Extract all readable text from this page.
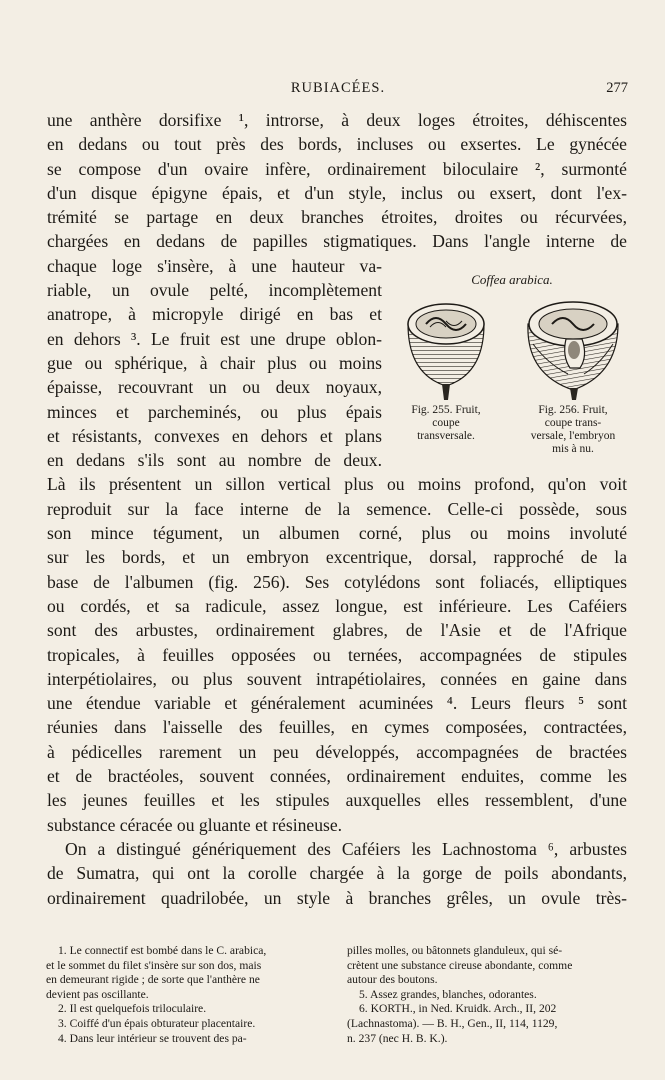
RUBIACÉES.	277
une anthère dorsifixe ¹, introrse, à deux loges étroites, déhiscentes
en dedans ou tout près des bords, incluses ou exsertes. Le gynécée
se compose d'un ovaire infère, ordinairement biloculaire ², surmonté
d'un disque épigyne épais, et d'un style, inclus ou exsert, dont l'ex-
trémité se partage en deux branches étroites, droites ou récurvées,
chargées en dedans de papilles stigmatiques. Dans l'angle interne de
chaque loge s'insère, à une hauteur va-
riable, un ovule pelté, incomplètement
anatrope, à micropyle dirigé en bas et
en dehors ³. Le fruit est une drupe oblon-
gue ou sphérique, à chair plus ou moins
épaisse, recouvrant un ou deux noyaux,
minces et parcheminés, ou plus épais
et résistants, convexes en dehors et plans
en dedans s'ils sont au nombre de deux.
Là ils présentent un sillon vertical plus ou moins profond, qu'on voit
reproduit sur la face interne de la semence. Celle-ci possède, sous
son mince tégument, un albumen corné, plus ou moins involuté
sur les bords, et un embryon excentrique, dorsal, rapproché de la
base de l'albumen (fig. 256). Ses cotylédons sont foliacés, elliptiques
ou cordés, et sa radicule, assez longue, est inférieure. Les Caféiers
sont des arbustes, ordinairement glabres, de l'Asie et de l'Afrique
tropicales, à feuilles opposées ou ternées, accompagnées de stipules
interpétiolaires, ou plus souvent intrapétiolaires, connées en gaine dans
une étendue variable et généralement acuminées ⁴. Leurs fleurs ⁵ sont
réunies dans l'aisselle des feuilles, en cymes composées, contractées,
à pédicelles rarement un peu développés, accompagnées de bractées
et de bractéoles, souvent connées, ordinairement enduites, comme les
les jeunes feuilles et les stipules auxquelles elles ressemblent, d'une
substance céracée ou gluante et résineuse.
On a distingué génériquement des Caféiers les Lachnostoma ⁶, arbustes
de Sumatra, qui ont la corolle chargée à la gorge de poils abondants,
ordinairement quadrilobée, un style à branches grêles, un ovule très-
Coffea arabica.
Fig. 255. Fruit,
coupe
transversale.
Fig. 256. Fruit,
coupe trans-
versale, l'embryon
mis à nu.
1. Le connectif est bombé dans le C. arabica,
et le sommet du filet s'insère sur son dos, mais
en demeurant rigide ; de sorte que l'anthère ne
devient pas oscillante.
2. Il est quelquefois triloculaire.
3. Coiffé d'un épais obturateur placentaire.
4. Dans leur intérieur se trouvent des pa-
pilles molles, ou bâtonnets glanduleux, qui sé-
crètent une substance cireuse abondante, comme
autour des boutons.
5. Assez grandes, blanches, odorantes.
6. KORTH., in Ned. Kruidk. Arch., II, 202
(Lachnastoma). — B. H., Gen., II, 114, 1129,
n. 237 (nec H. B. K.).
